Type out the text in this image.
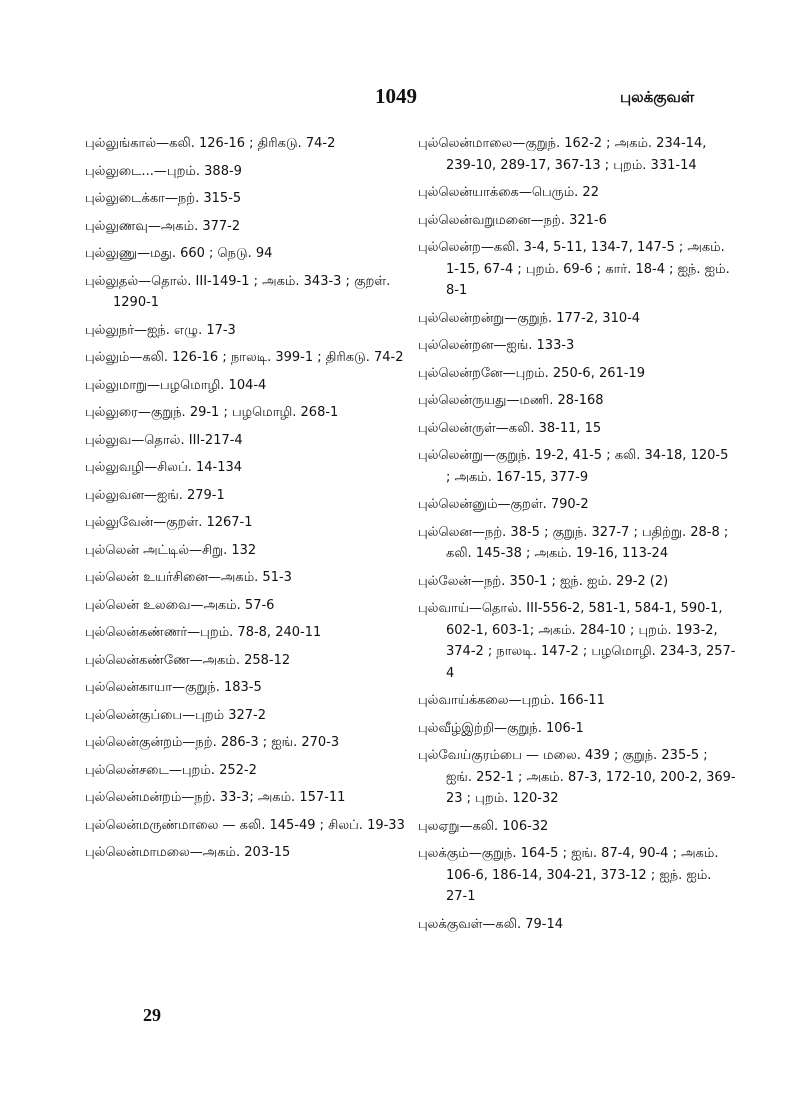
1049	புலக்குவள்
புல்லுங்கால்—கலி. 126-16 ; திரிகடு. 74-2
புல்லுடை...—புறம். 388-9
புல்லுடைக்கா—நற். 315-5
புல்லுணவு—அகம். 377-2
புல்லுணு—மது. 660 ; நெடு. 94
புல்லுதல்—தொல். III-149-1 ; அகம். 343-3 ; குறள். 1290-1
புல்லுநர்—ஐந். எழு. 17-3
புல்லும்—கலி. 126-16 ; நாலடி. 399-1 ; திரிகடு. 74-2
புல்லுமாறு—பழமொழி. 104-4
புல்லுரை—குறுந். 29-1 ; பழமொழி. 268-1
புல்லுவ—தொல். III-217-4
புல்லுவழி—சிலப். 14-134
புல்லுவன—ஐங். 279-1
புல்லுவேன்—குறள். 1267-1
புல்லென் அட்டில்—சிறு. 132
புல்லென் உயர்சினை—அகம். 51-3
புல்லென் உலவை—அகம். 57-6
புல்லென்கண்ணர்—புறம். 78-8, 240-11
புல்லென்கண்ணே—அகம். 258-12
புல்லென்காயா—குறுந். 183-5
புல்லென்குப்பை—புறம் 327-2
புல்லென்குன்றம்—நற். 286-3 ; ஐங். 270-3
புல்லென்சடை—புறம். 252-2
புல்லென்மன்றம்—நற். 33-3; அகம். 157-11
புல்லென்மருண்மாலை — கலி. 145-49 ; சிலப். 19-33
புல்லென்மாமலை—அகம். 203-15
புல்லென்மாலை—குறுந். 162-2 ; அகம். 234-14, 239-10, 289-17, 367-13 ; புறம். 331-14
புல்லென்யாக்கை—பெரும். 22
புல்லென்வறுமனை—நற். 321-6
புல்லென்ற—கலி. 3-4, 5-11, 134-7, 147-5 ; அகம். 1-15, 67-4 ; புறம். 69-6 ; கார். 18-4 ; ஐந். ஐம். 8-1
புல்லென்றன்று—குறுந். 177-2, 310-4
புல்லென்றன—ஐங். 133-3
புல்லென்றனே—புறம். 250-6, 261-19
புல்லென்ருயது—மணி. 28-168
புல்லென்ருள்—கலி. 38-11, 15
புல்லென்று—குறுந். 19-2, 41-5 ; கலி. 34-18, 120-5 ; அகம். 167-15, 377-9
புல்லென்னும்—குறள். 790-2
புல்லென—நற். 38-5 ; குறுந். 327-7 ; பதிற்று. 28-8 ; கலி. 145-38 ; அகம். 19-16, 113-24
புல்லேன்—நற். 350-1 ; ஐந். ஐம். 29-2 (2)
புல்வாய்—தொல். III-556-2, 581-1, 584-1, 590-1, 602-1, 603-1; அகம். 284-10 ; புறம். 193-2, 374-2 ; நாலடி. 147-2 ; பழமொழி. 234-3, 257-4
புல்வாய்க்கலை—புறம். 166-11
புல்வீழ்இற்றி—குறுந். 106-1
புல்வேய்குரம்பை — மலை. 439 ; குறுந். 235-5 ; ஐங். 252-1 ; அகம். 87-3, 172-10, 200-2, 369-23 ; புறம். 120-32
புலஏறு—கலி. 106-32
புலக்கும்—குறுந். 164-5 ; ஐங். 87-4, 90-4 ; அகம். 106-6, 186-14, 304-21, 373-12 ; ஐந். ஐம். 27-1
புலக்குவள்—கலி. 79-14
29
